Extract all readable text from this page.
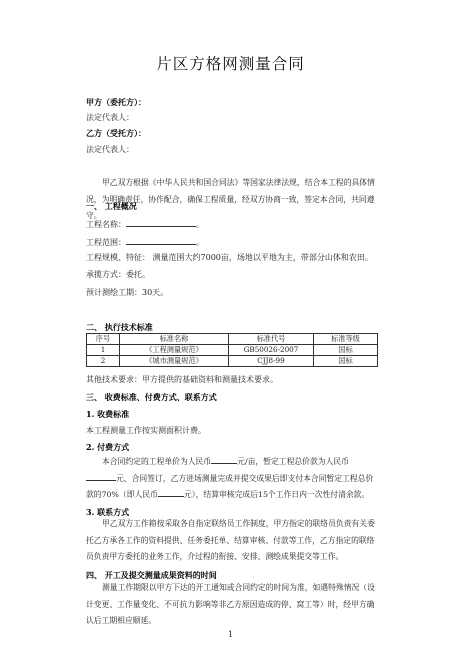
片区方格网测量合同
甲方（委托方）：
法定代表人：
乙方（受托方）：
法定代表人：
甲乙双方根据《中华人民共和国合同法》等国家法律法规，结合本工程的具体情况，为明确责任，协作配合，确保工程质量，经双方协商一致，签定本合同，共同遵守。
一、 工程概况
工程名称：	。
工程范围：	。
工程规模、特征： 测量范围大约7000亩，场地以平地为主，带部分山体和农田。
承揽方式：委托。
预计测绘工期：30天。
二、 执行技术标准
序号	标准名称	标准代号	标准等级
1	《工程测量规范》	GB50026-2007	国标
2	《城市测量规范》	CJJ8-99	国标
其他技术要求：甲方提供的基础资料和测量技术要求。
三、 收费标准、付费方式、联系方式
1. 收费标准
本工程测量工作按实测面积计费。
2. 付费方式
本合同约定的工程单价为人民币	元/亩，暂定工程总价款为人民币元，合同签订，乙方进场测量完成并提交成果后即支付本合同暂定工程总价款的70%（即人民币	元），结算审核完成后15个工作日内一次性付清余款。
3. 联系方式
甲乙双方工作箱按采取各自指定联络员工作制度，甲方指定的联络员负责有关委托乙方承各工作的资料提供、任务委托单、结算审核、付款等工作，乙方指定的联络员负责甲方委托的业务工作，介过程的衔接、安排、测绘成果提交等工作。
四、 开工及提交测量成果资料的时间
测量工作期限以甲方下达的开工通知或合同约定的时间为准，如遇特殊情况（设计变更、工作量变化、不可抗力影响等非乙方原因造成的停、窝工等）时，经甲方确认后工期相应顺延。
1
